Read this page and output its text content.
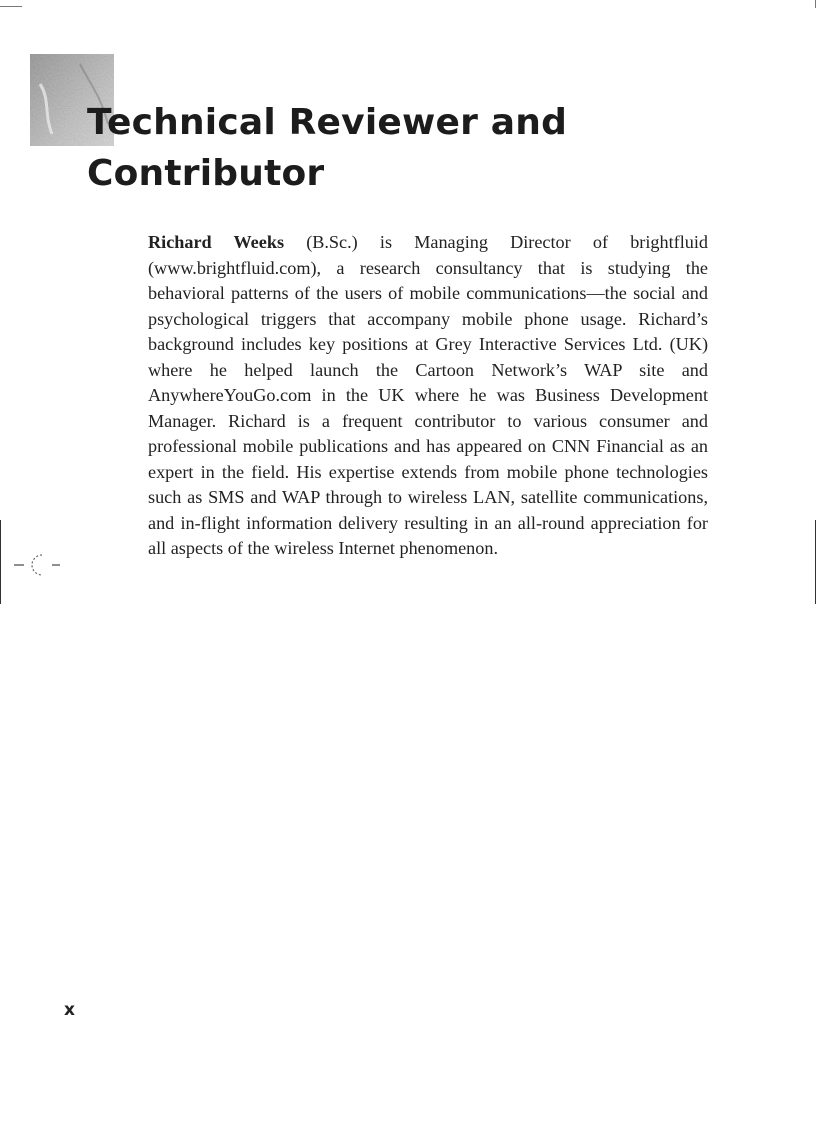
Technical Reviewer and
Contributor

Richard Weeks (B.Sc.) is Managing Director of brightfluid (www.brightfluid.com), a research consultancy that is studying the behavioral patterns of the users of mobile communications—the social and psychological triggers that accompany mobile phone usage. Richard’s background includes key positions at Grey Interactive Services Ltd. (UK) where he helped launch the Cartoon Network’s WAP site and AnywhereYouGo.com in the UK where he was Business Development Manager. Richard is a frequent contributor to various consumer and professional mobile publications and has appeared on CNN Financial as an expert in the field. His expertise extends from mobile phone technologies such as SMS and WAP through to wireless LAN, satellite communications, and in-flight information delivery resulting in an all-round appreciation for all aspects of the wireless Internet phenomenon.

x
